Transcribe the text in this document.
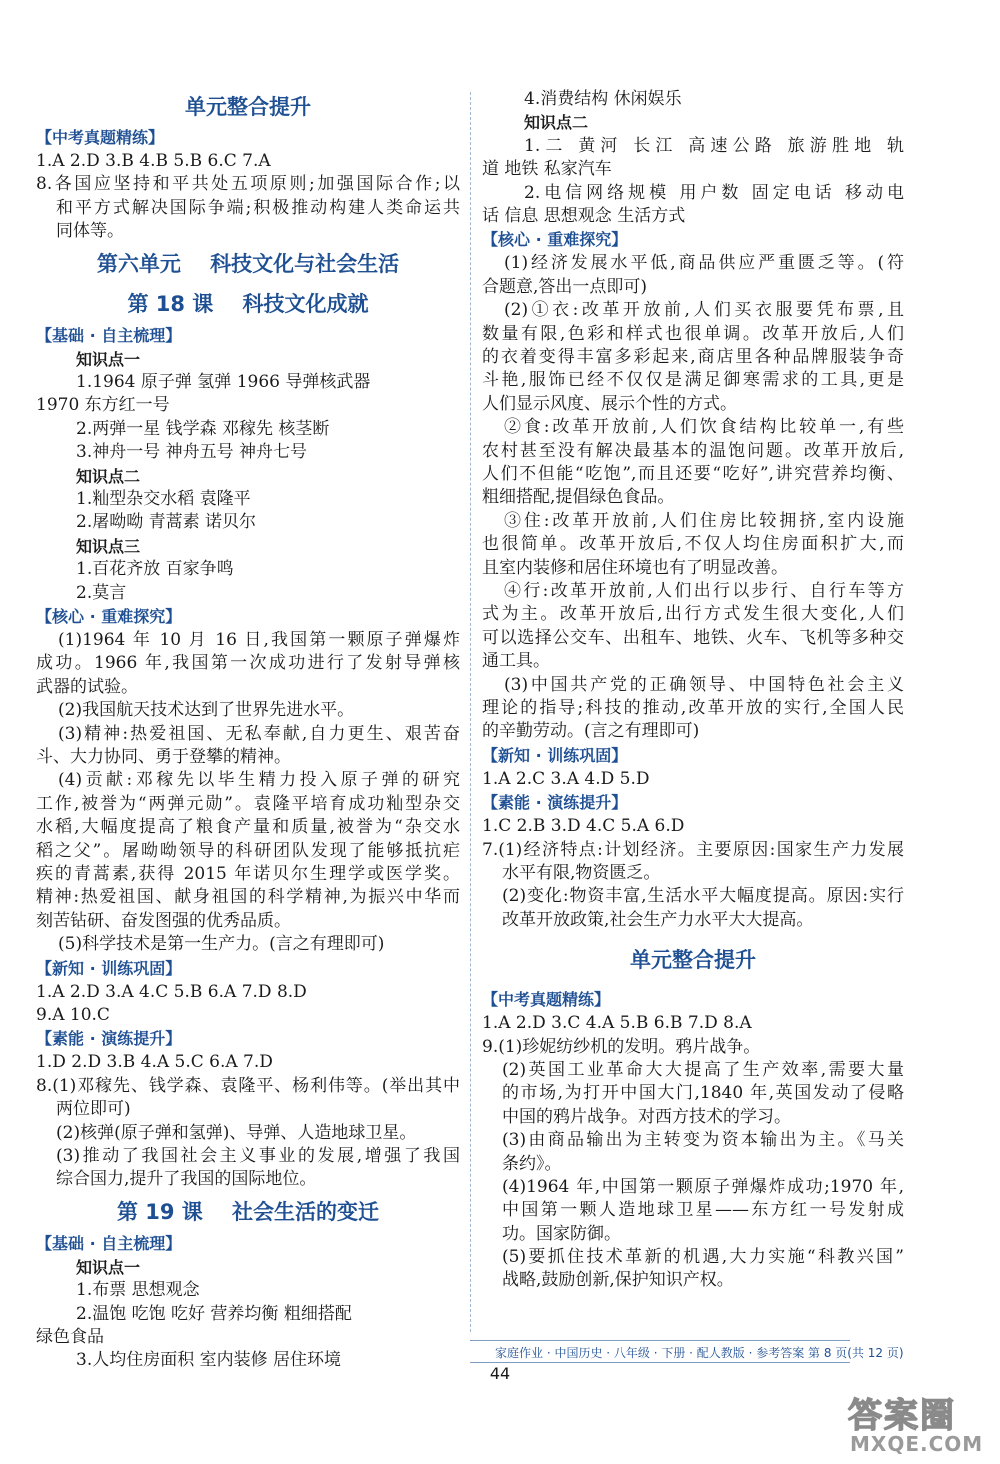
单元整合提升
【中考真题精练】
1.A 2.D 3.B 4.B 5.B 6.C 7.A
8.各国应坚持和平共处五项原则;加强国际合作;以
和平方式解决国际争端;积极推动构建人类命运共
同体等。
第六单元    科技文化与社会生活
第 18 课    科技文化成就
【基础 · 自主梳理】
知识点一
1.1964 原子弹 氢弹 1966 导弹核武器
1970 东方红一号
2.两弹一星 钱学森 邓稼先 核茎断
3.神舟一号 神舟五号 神舟七号
知识点二
1.籼型杂交水稻 袁隆平
2.屠呦呦 青蒿素 诺贝尔
知识点三
1.百花齐放 百家争鸣
2.莫言
【核心 · 重难探究】
(1)1964 年 10 月 16 日,我国第一颗原子弹爆炸
成功。1966 年,我国第一次成功进行了发射导弹核
武器的试验。
(2)我国航天技术达到了世界先进水平。
(3)精神:热爱祖国、无私奉献,自力更生、艰苦奋
斗、大力协同、勇于登攀的精神。
(4)贡献:邓稼先以毕生精力投入原子弹的研究
工作,被誉为“两弹元勋”。袁隆平培育成功籼型杂交
水稻,大幅度提高了粮食产量和质量,被誉为“杂交水
稻之父”。屠呦呦领导的科研团队发现了能够抵抗疟
疾的青蒿素,获得 2015 年诺贝尔生理学或医学奖。
精神:热爱祖国、献身祖国的科学精神,为振兴中华而
刻苦钻研、奋发图强的优秀品质。
(5)科学技术是第一生产力。(言之有理即可)
【新知 · 训练巩固】
1.A 2.D 3.A 4.C 5.B 6.A 7.D 8.D
9.A 10.C
【素能 · 演练提升】
1.D 2.D 3.B 4.A 5.C 6.A 7.D
8.(1)邓稼先、钱学森、袁隆平、杨利伟等。(举出其中
两位即可)
(2)核弹(原子弹和氢弹)、导弹、人造地球卫星。
(3)推动了我国社会主义事业的发展,增强了我国
综合国力,提升了我国的国际地位。
第 19 课    社会生活的变迁
【基础 · 自主梳理】
知识点一
1.布票 思想观念
2.温饱 吃饱 吃好 营养均衡 粗细搭配
绿色食品
3.人均住房面积 室内装修 居住环境
4.消费结构 休闲娱乐
知识点二
1.二 黄河 长江 高速公路 旅游胜地 轨
道 地铁 私家汽车
2.电信网络规模 用户数 固定电话 移动电
话 信息 思想观念 生活方式
【核心 · 重难探究】
(1)经济发展水平低,商品供应严重匮乏等。(符
合题意,答出一点即可)
(2)①衣:改革开放前,人们买衣服要凭布票,且
数量有限,色彩和样式也很单调。改革开放后,人们
的衣着变得丰富多彩起来,商店里各种品牌服装争奇
斗艳,服饰已经不仅仅是满足御寒需求的工具,更是
人们显示风度、展示个性的方式。
②食:改革开放前,人们饮食结构比较单一,有些
农村甚至没有解决最基本的温饱问题。改革开放后,
人们不但能“吃饱”,而且还要“吃好”,讲究营养均衡、
粗细搭配,提倡绿色食品。
③住:改革开放前,人们住房比较拥挤,室内设施
也很简单。改革开放后,不仅人均住房面积扩大,而
且室内装修和居住环境也有了明显改善。
④行:改革开放前,人们出行以步行、自行车等方
式为主。改革开放后,出行方式发生很大变化,人们
可以选择公交车、出租车、地铁、火车、飞机等多种交
通工具。
(3)中国共产党的正确领导、中国特色社会主义
理论的指导;科技的推动,改革开放的实行,全国人民
的辛勤劳动。(言之有理即可)
【新知 · 训练巩固】
1.A 2.C 3.A 4.D 5.D
【素能 · 演练提升】
1.C 2.B 3.D 4.C 5.A 6.D
7.(1)经济特点:计划经济。主要原因:国家生产力发展
水平有限,物资匮乏。
(2)变化:物资丰富,生活水平大幅度提高。原因:实行
改革开放政策,社会生产力水平大大提高。
单元整合提升
【中考真题精练】
1.A 2.D 3.C 4.A 5.B 6.B 7.D 8.A
9.(1)珍妮纺纱机的发明。鸦片战争。
(2)英国工业革命大大提高了生产效率,需要大量
的市场,为打开中国大门,1840 年,英国发动了侵略
中国的鸦片战争。对西方技术的学习。
(3)由商品输出为主转变为资本输出为主。《马关
条约》。
(4)1964 年,中国第一颗原子弹爆炸成功;1970 年,
中国第一颗人造地球卫星——东方红一号发射成
功。国家防御。
(5)要抓住技术革新的机遇,大力实施“科教兴国”
战略,鼓励创新,保护知识产权。
家庭作业 · 中国历史 · 八年级 · 下册 · 配人教版 · 参考答案 第 8 页(共 12 页)
44
答案圈
MXQE.COM
